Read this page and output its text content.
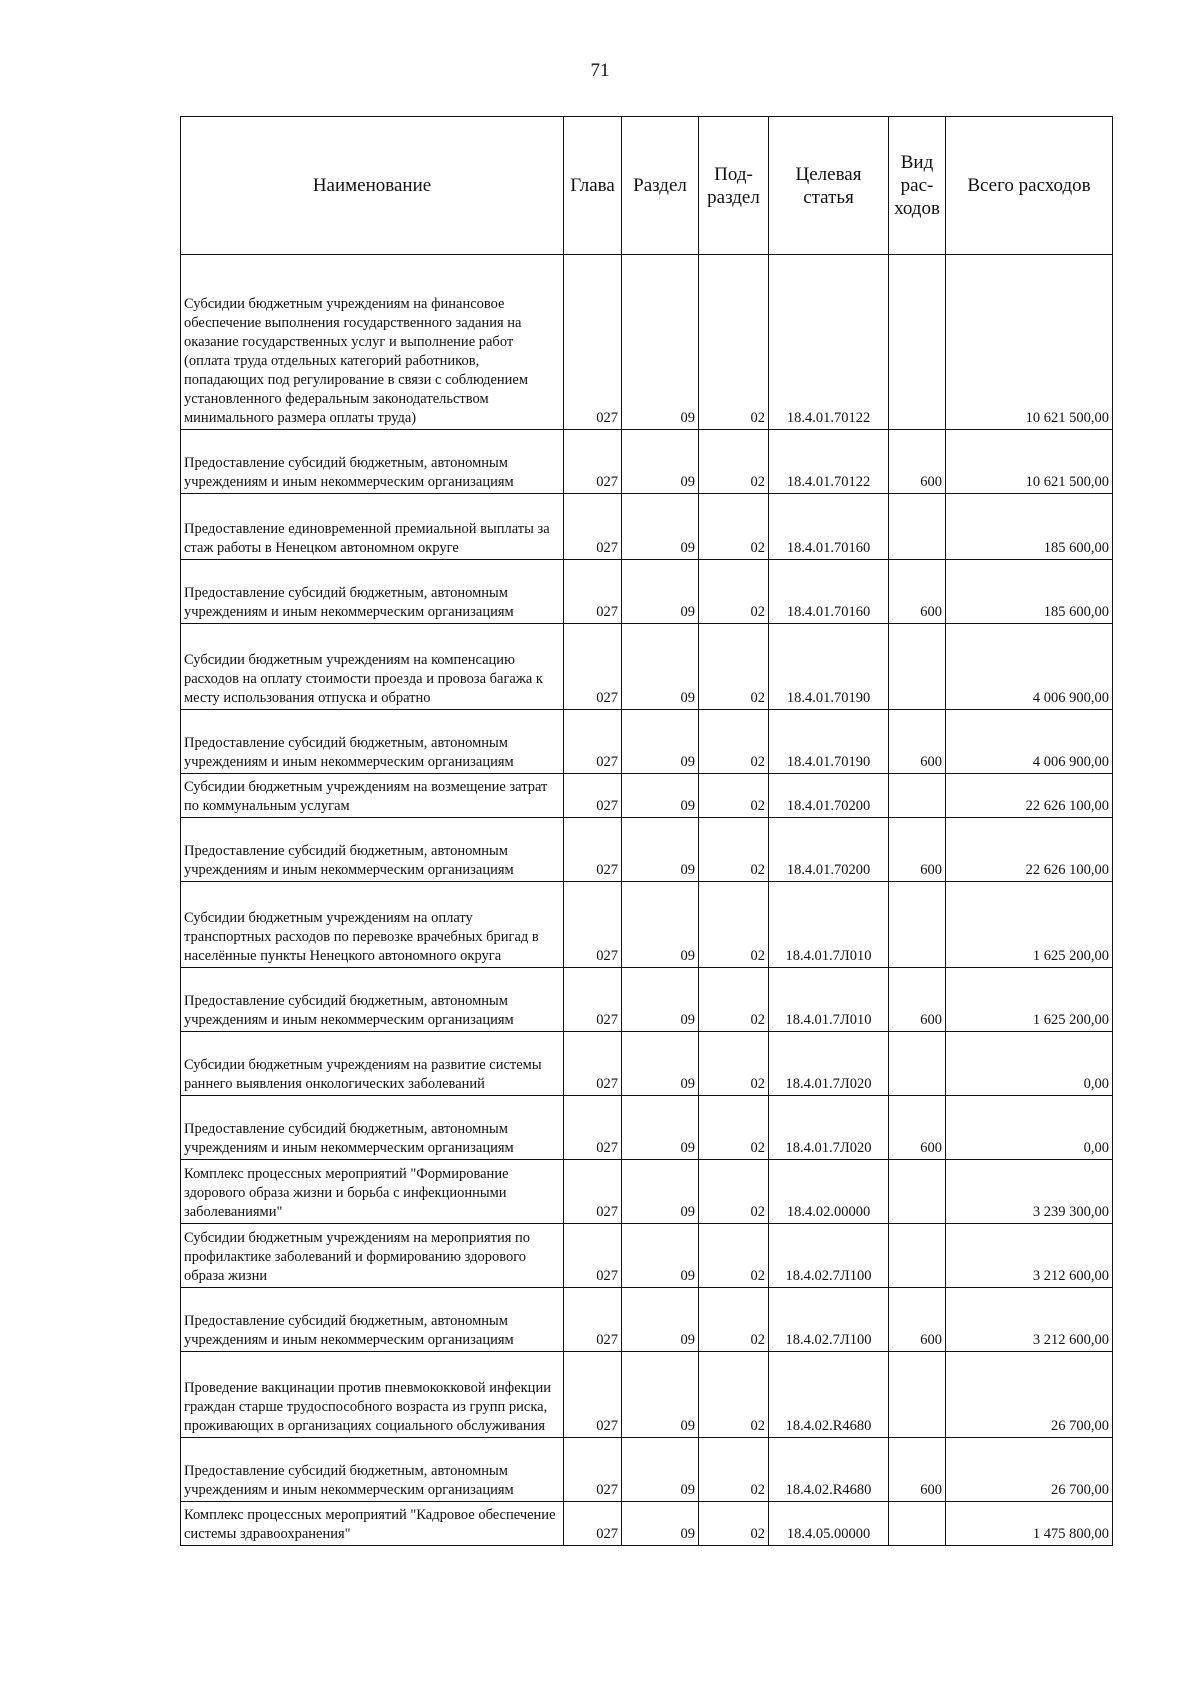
71
Наименование	Глава	Раздел	Под-раздел	Целевая статья	Вид рас-ходов	Всего расходов
Субсидии бюджетным учреждениям на финансовое обеспечение выполнения государственного задания на оказание государственных услуг и выполнение работ (оплата труда отдельных категорий работников, попадающих под регулирование в связи с соблюдением установленного федеральным законодательством минимального размера оплаты труда)	027	09	02	18.4.01.70122		10 621 500,00
Предоставление субсидий бюджетным, автономным учреждениям и иным некоммерческим организациям	027	09	02	18.4.01.70122	600	10 621 500,00
Предоставление единовременной премиальной выплаты за стаж работы в Ненецком автономном округе	027	09	02	18.4.01.70160		185 600,00
Предоставление субсидий бюджетным, автономным учреждениям и иным некоммерческим организациям	027	09	02	18.4.01.70160	600	185 600,00
Субсидии бюджетным учреждениям на компенсацию расходов на оплату стоимости проезда и провоза багажа к месту использования отпуска и обратно	027	09	02	18.4.01.70190		4 006 900,00
Предоставление субсидий бюджетным, автономным учреждениям и иным некоммерческим организациям	027	09	02	18.4.01.70190	600	4 006 900,00
Субсидии бюджетным учреждениям на возмещение затрат по коммунальным услугам	027	09	02	18.4.01.70200		22 626 100,00
Предоставление субсидий бюджетным, автономным учреждениям и иным некоммерческим организациям	027	09	02	18.4.01.70200	600	22 626 100,00
Субсидии бюджетным учреждениям на оплату транспортных расходов по перевозке врачебных бригад в населённые пункты Ненецкого автономного округа	027	09	02	18.4.01.7Л010		1 625 200,00
Предоставление субсидий бюджетным, автономным учреждениям и иным некоммерческим организациям	027	09	02	18.4.01.7Л010	600	1 625 200,00
Субсидии бюджетным учреждениям на развитие системы раннего выявления онкологических заболеваний	027	09	02	18.4.01.7Л020		0,00
Предоставление субсидий бюджетным, автономным учреждениям и иным некоммерческим организациям	027	09	02	18.4.01.7Л020	600	0,00
Комплекс процессных мероприятий "Формирование здорового образа жизни и борьба с инфекционными заболеваниями"	027	09	02	18.4.02.00000		3 239 300,00
Субсидии бюджетным учреждениям на мероприятия по профилактике заболеваний и формированию здорового образа жизни	027	09	02	18.4.02.7Л100		3 212 600,00
Предоставление субсидий бюджетным, автономным учреждениям и иным некоммерческим организациям	027	09	02	18.4.02.7Л100	600	3 212 600,00
Проведение вакцинации против пневмококковой инфекции граждан старше трудоспособного возраста из групп риска, проживающих в организациях социального обслуживания	027	09	02	18.4.02.R4680		26 700,00
Предоставление субсидий бюджетным, автономным учреждениям и иным некоммерческим организациям	027	09	02	18.4.02.R4680	600	26 700,00
Комплекс процессных мероприятий "Кадровое обеспечение системы здравоохранения"	027	09	02	18.4.05.00000		1 475 800,00
